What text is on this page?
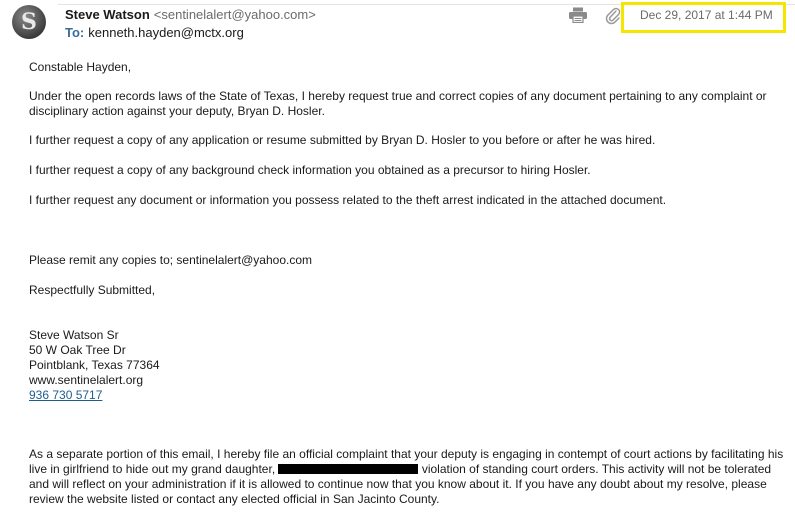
S Steve Watson <sentinelalert@yahoo.com>
To: kenneth.hayden@mctx.org
Dec 29, 2017 at 1:44 PM
Constable Hayden,
Under the open records laws of the State of Texas, I hereby request true and correct copies of any document pertaining to any complaint or disciplinary action against your deputy, Bryan D. Hosler.
I further request a copy of any application or resume submitted by Bryan D. Hosler to you before or after he was hired.
I further request a copy of any background check information you obtained as a precursor to hiring Hosler.
I further request any document or information you possess related to the theft arrest indicated in the attached document.
Please remit any copies to; sentinelalert@yahoo.com
Respectfully Submitted,
Steve Watson Sr
50 W Oak Tree Dr
Pointblank, Texas 77364
www.sentinelalert.org
936 730 5717
As a separate portion of this email, I hereby file an official complaint that your deputy is engaging in contempt of court actions by facilitating his live in girlfriend to hide out my grand daughter,	violation of standing court orders. This activity will not be tolerated and will reflect on your administration if it is allowed to continue now that you know about it. If you have any doubt about my resolve, please review the website listed or contact any elected official in San Jacinto County.
